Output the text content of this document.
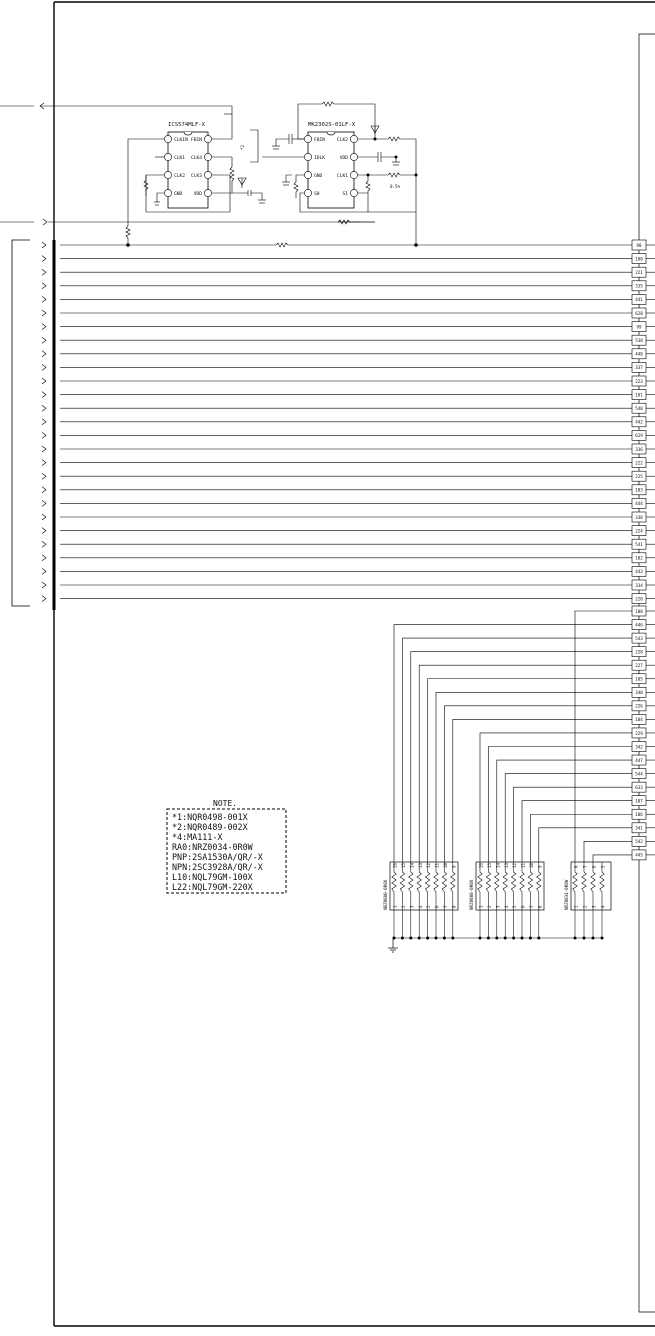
ICS574MLF-X
CLKIN
CLK1
CLK2
GND
FBIN
CLK4
CLK3
VDD
*2
MK2302S-01LF-X
FBIN
IDLK
GND
S0
CLK2
VDD
CLK1
S1
0.5%
98
100
221
335
441
628
99
538
440
337
223
101
540
442
629
336
222
225
103
444
338
224
541
102
443
334
220
108
446
543
228
227
105
340
226
104
229
342
447
544
633
107
106
341
542
445
16
1
15
2
14
3
13
4
12
5
11
6
10
7
9
8
NRZ0080-0R0X
16
1
15
2
14
3
13
4
12
5
11
6
10
7
9
8
NRZ0080-0R0X
8
1
7
2
6
3
5
4
NRZ0034-0R0W
NOTE.
*1:NQR0498-001X
*2:NQR0489-002X
*4:MA111-X
RA0:NRZ0034-0R0W
PNP:2SA1530A/QR/-X
NPN:2SC3928A/QR/-X
L10:NQL79GM-100X
L22:NQL79GM-220X
